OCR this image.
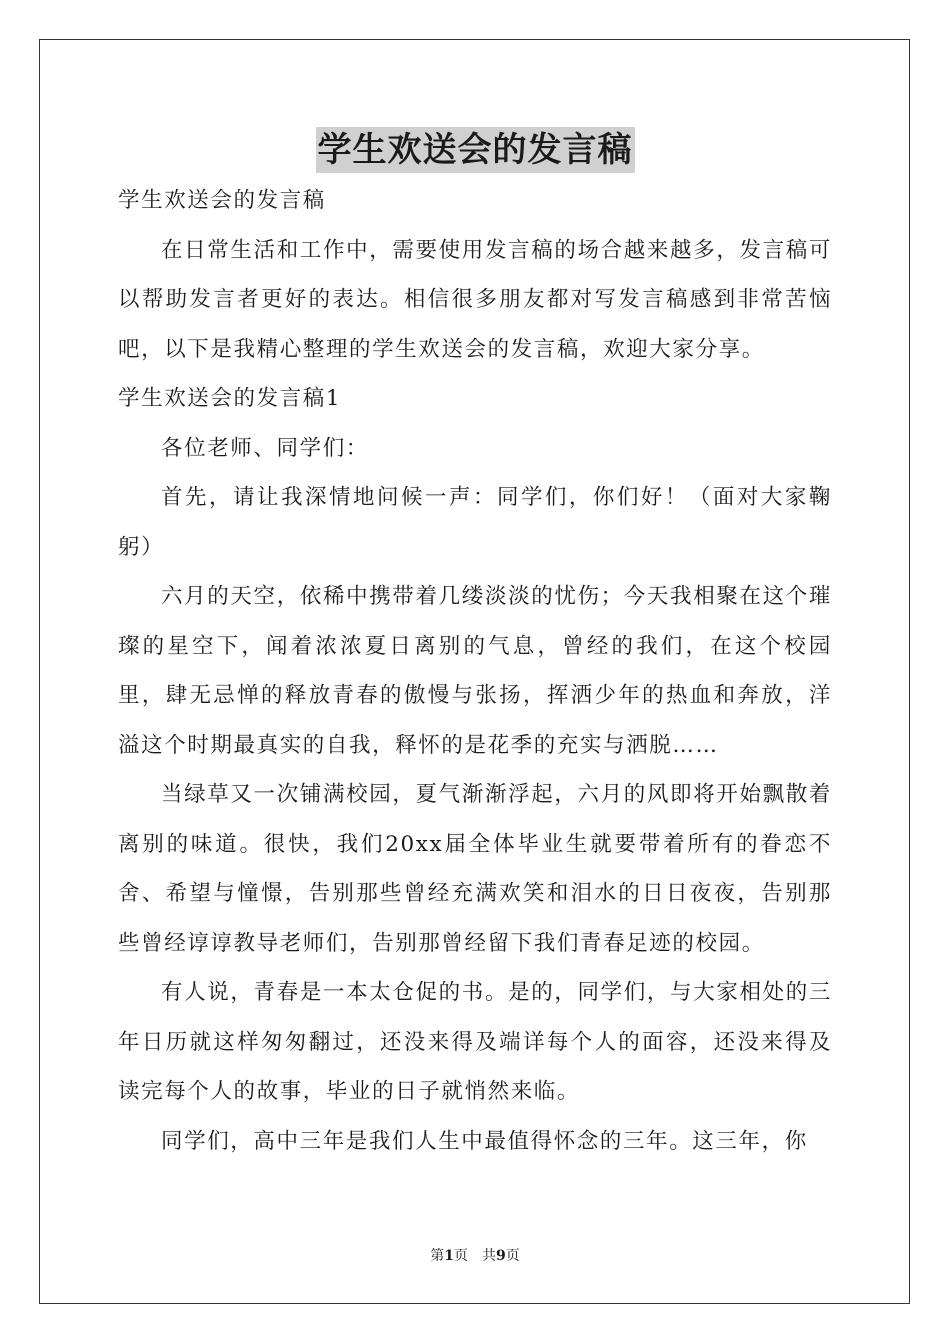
学生欢送会的发言稿

学生欢送会的发言稿

在日常生活和工作中，需要使用发言稿的场合越来越多，发言稿可以帮助发言者更好的表达。相信很多朋友都对写发言稿感到非常苦恼吧，以下是我精心整理的学生欢送会的发言稿，欢迎大家分享。

学生欢送会的发言稿1

各位老师、同学们：

首先，请让我深情地问候一声：同学们，你们好！（面对大家鞠躬）

六月的天空，依稀中携带着几缕淡淡的忧伤；今天我相聚在这个璀璨的星空下，闻着浓浓夏日离别的气息，曾经的我们，在这个校园里，肆无忌惮的释放青春的傲慢与张扬，挥洒少年的热血和奔放，洋溢这个时期最真实的自我，释怀的是花季的充实与洒脱……

当绿草又一次铺满校园，夏气渐渐浮起，六月的风即将开始飘散着离别的味道。很快，我们20xx届全体毕业生就要带着所有的眷恋不舍、希望与憧憬，告别那些曾经充满欢笑和泪水的日日夜夜，告别那些曾经谆谆教导老师们，告别那曾经留下我们青春足迹的校园。

有人说，青春是一本太仓促的书。是的，同学们，与大家相处的三年日历就这样匆匆翻过，还没来得及端详每个人的面容，还没来得及读完每个人的故事，毕业的日子就悄然来临。

同学们，高中三年是我们人生中最值得怀念的三年。这三年，你

第1页 共9页
